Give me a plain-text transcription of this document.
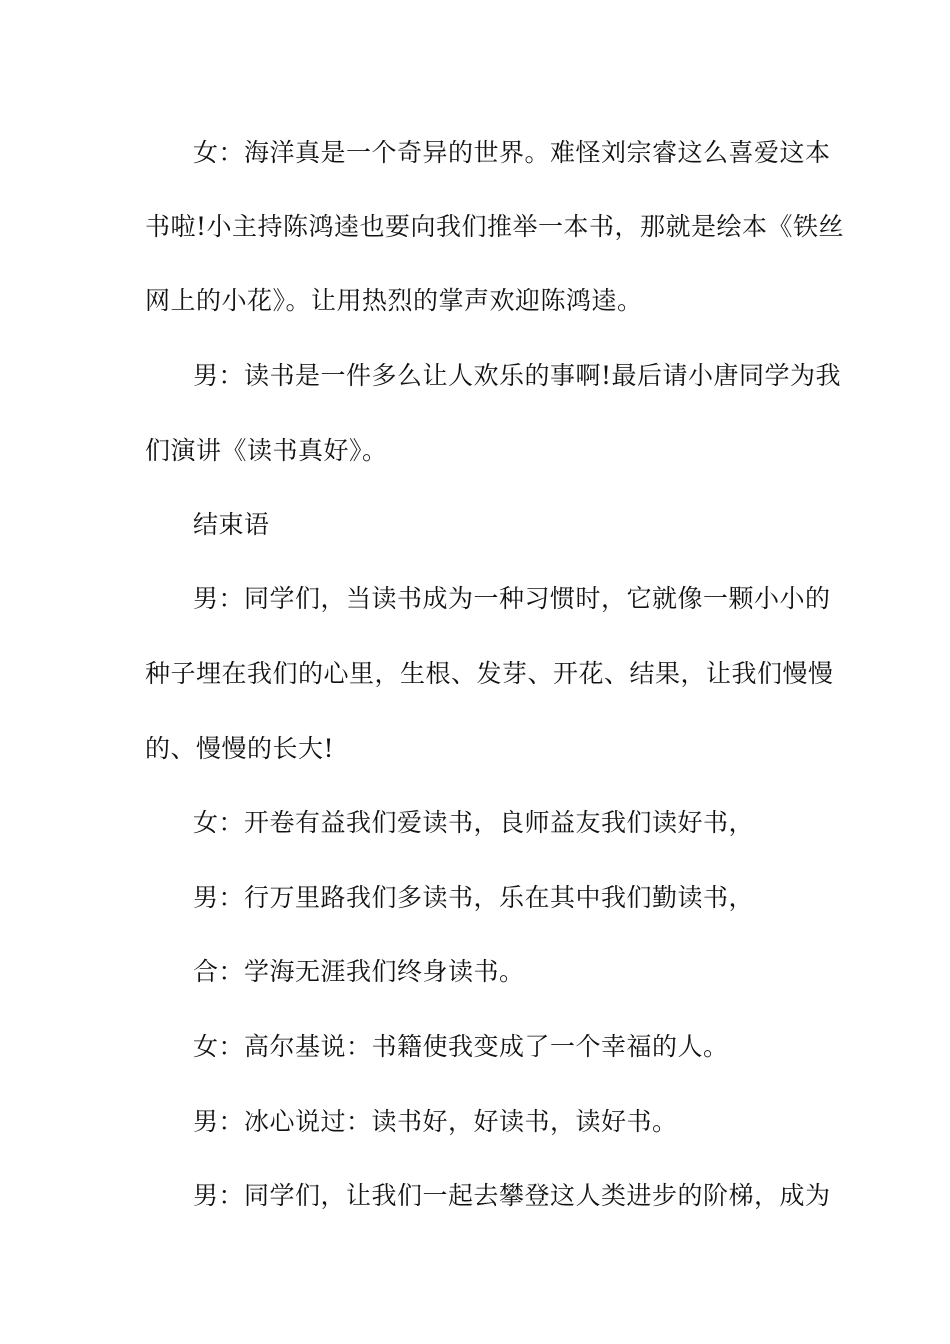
女：海洋真是一个奇异的世界。难怪刘宗睿这么喜爱这本
书啦!小主持陈鸿逵也要向我们推举一本书，那就是绘本《铁丝
网上的小花》。让用热烈的掌声欢迎陈鸿逵。
男：读书是一件多么让人欢乐的事啊!最后请小唐同学为我
们演讲《读书真好》。
结束语
男：同学们，当读书成为一种习惯时，它就像一颗小小的
种子埋在我们的心里，生根、发芽、开花、结果，让我们慢慢
的、慢慢的长大!
女：开卷有益我们爱读书，良师益友我们读好书，
男：行万里路我们多读书，乐在其中我们勤读书，
合：学海无涯我们终身读书。
女：高尔基说：书籍使我变成了一个幸福的人。
男：冰心说过：读书好，好读书，读好书。
男：同学们，让我们一起去攀登这人类进步的阶梯，成为
